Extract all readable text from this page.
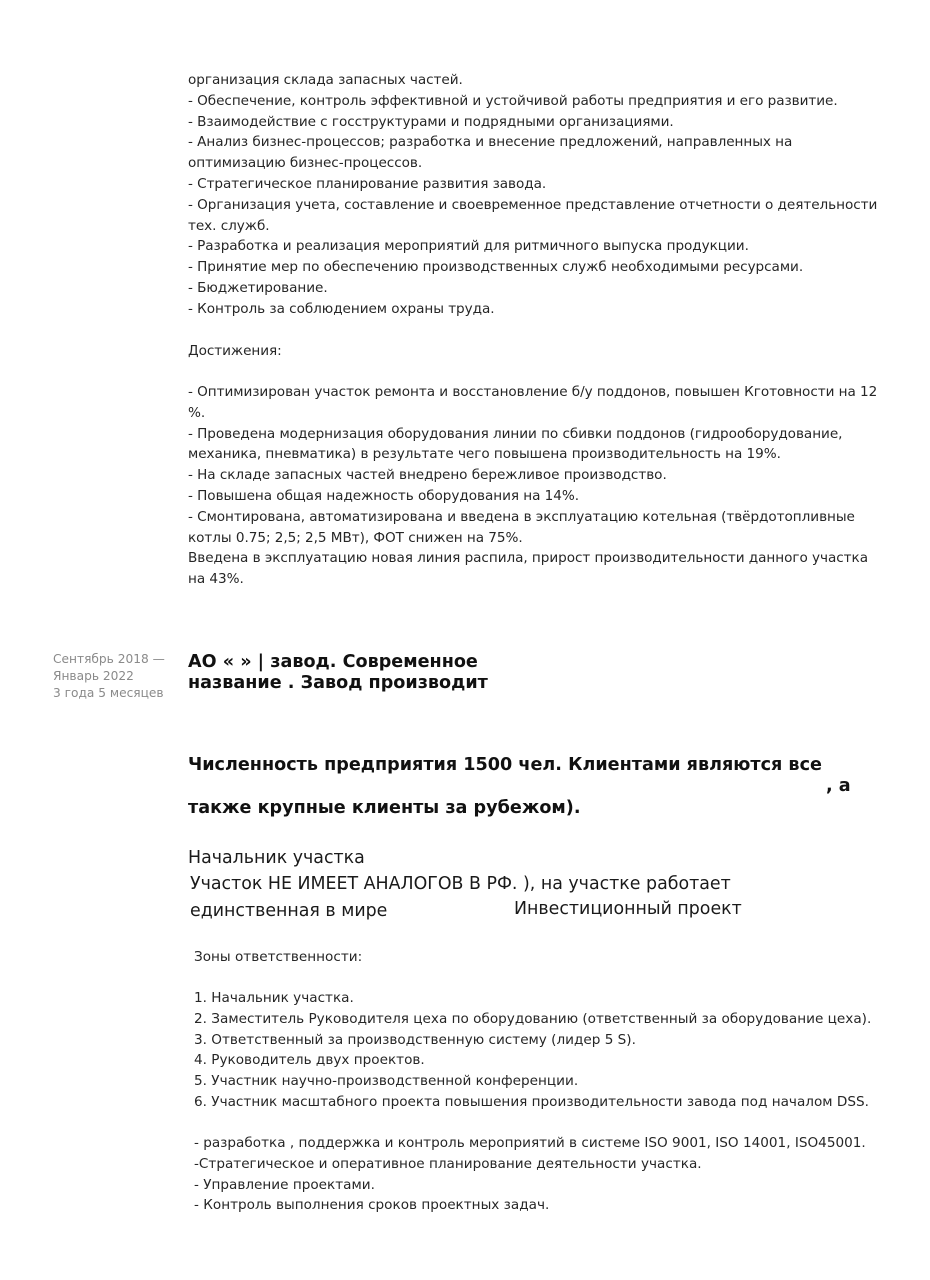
организация склада запасных частей.
- Обеспечение, контроль эффективной и устойчивой работы предприятия и его развитие.
- Взаимодействие с госструктурами и подрядными организациями.
- Анализ бизнес-процессов; разработка и внесение предложений, направленных на
оптимизацию бизнес-процессов.
- Стратегическое планирование развития завода.
- Организация учета, составление и своевременное представление отчетности о деятельности
тех. служб.
- Разработка и реализация мероприятий для ритмичного выпуска продукции.
- Принятие мер по обеспечению производственных служб необходимыми ресурсами.
- Бюджетирование.
- Контроль за соблюдением охраны труда.
Достижения:
- Оптимизирован участок ремонта и восстановление б/у поддонов, повышен Кготовности на 12
%.
- Проведена модернизация оборудования линии по сбивки поддонов (гидрооборудование,
механика, пневматика) в результате чего повышена производительность на 19%.
- На складе запасных частей внедрено бережливое производство.
- Повышена общая надежность оборудования на 14%.
- Смонтирована, автоматизирована и введена в эксплуатацию котельная (твёрдотопливные
котлы 0.75; 2,5; 2,5 МВт), ФОТ снижен на 75%.
Введена в эксплуатацию новая линия распила, прирост производительности данного участка
на 43%.
Сентябрь 2018 —
Январь 2022
3 года 5 месяцев
АО « » | завод. Современное
название . Завод производит
Численность предприятия 1500 чел. Клиентами являются все
, а
также крупные клиенты за рубежом).
Начальник участка
Участок НЕ ИМЕЕТ АНАЛОГОВ В РФ. ), на участке работает
единственная в мире	Инвестиционный проект
Зоны ответственности:
1. Начальник участка.
2. Заместитель Руководителя цеха по оборудованию (ответственный за оборудование цеха).
3. Ответственный за производственную систему (лидер 5 S).
4. Руководитель двух проектов.
5. Участник научно-производственной конференции.
6. Участник масштабного проекта повышения производительности завода под началом DSS.
- разработка , поддержка и контроль мероприятий в системе ISO 9001, ISO 14001, ISO45001.
-Стратегическое и оперативное планирование деятельности участка.
- Управление проектами.
- Контроль выполнения сроков проектных задач.
